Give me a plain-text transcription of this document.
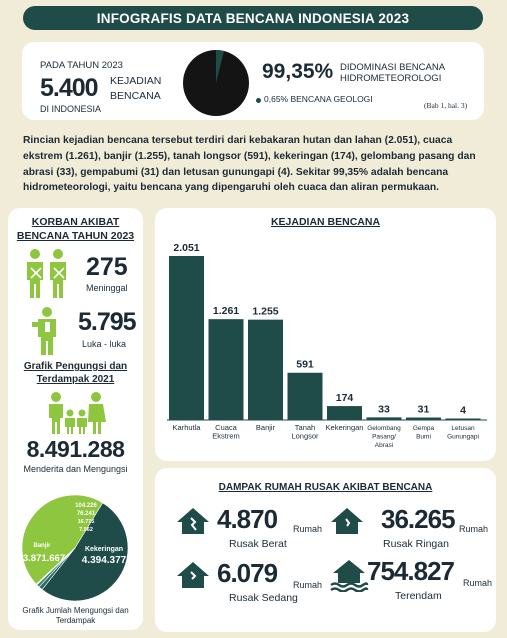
INFOGRAFIS DATA BENCANA INDONESIA 2023
PADA TAHUN 2023
5.400 KEJADIAN BENCANA
DI INDONESIA
99,35% DIDOMINASI BENCANA HIDROMETEOROLOGI
0,65% BENCANA GEOLOGI
(Bab 1, hal. 3)
Rincian kejadian bencana tersebut terdiri dari kebakaran hutan dan lahan (2.051), cuaca ekstrem (1.261), banjir (1.255), tanah longsor (591), kekeringan (174), gelombang pasang dan abrasi (33), gempabumi (31) dan letusan gunungapi (4). Sekitar 99,35% adalah bencana hidrometeorologi, yaitu bencana yang dipengaruhi oleh cuaca dan aliran permukaan.
KORBAN AKIBAT BENCANA TAHUN 2023
275
Meninggal
5.795
Luka - luka
Grafik Pengungsi dan Terdampak 2021
8.491.288
Menderita dan Mengungsi
Banjir
3.871.667
Kekeringan
4.394.377
104.226
76.241
16.775
7.562
Grafik Jumlah Mengungsi dan Terdampak
KEJADIAN BENCANA
2.051
Karhutla
1.261
Cuaca
Ekstrem
1.255
Banjir
591
Tanah
Longsor
174
Kekeringan
33
Gelombang
Pasang/
Abrasi
31
Gempa
Bumi
4
Letusan
Gunungapi
DAMPAK RUMAH RUSAK AKIBAT BENCANA
4.870 Rumah
Rusak Berat
36.265 Rumah
Rusak Ringan
6.079 Rumah
Rusak Sedang
754.827 Rumah
Terendam
